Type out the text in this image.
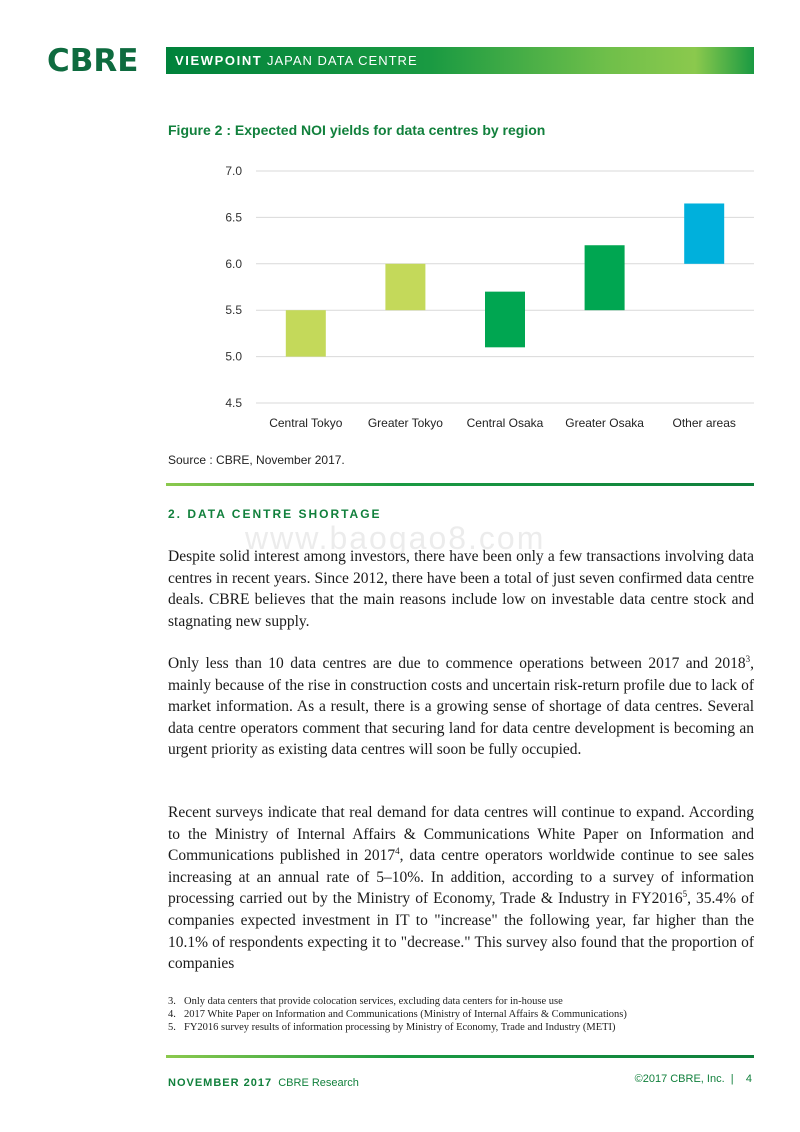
CBRE	VIEWPOINT JAPAN DATA CENTRE
Figure 2 : Expected NOI yields for data centres by region
7.0
6.5
6.0
5.5
5.0
4.5
Central Tokyo Greater Tokyo Central Osaka Greater Osaka Other areas
Source : CBRE, November 2017.
2. DATA CENTRE SHORTAGE
www.baogao8.com

Despite solid interest among investors, there have been only a few transactions involving data centres in recent years. Since 2012, there have been a total of just seven confirmed data centre deals. CBRE believes that the main reasons include low on investable data centre stock and stagnating new supply.

Only less than 10 data centres are due to commence operations between 2017 and 2018$^3$, mainly because of the rise in construction costs and uncertain risk-return profile due to lack of market information. As a result, there is a growing sense of shortage of data centres. Several data centre operators comment that securing land for data centre development is becoming an urgent priority as existing data centres will soon be fully occupied.

Recent surveys indicate that real demand for data centres will continue to expand. According to the Ministry of Internal Affairs & Communications White Paper on Information and Communications published in 2017$^4$, data centre operators worldwide continue to see sales increasing at an annual rate of 5–10%. In addition, according to a survey of information processing carried out by the Ministry of Economy, Trade & Industry in FY2016$^5$, 35.4% of companies expected investment in IT to "increase" the following year, far higher than the 10.1% of respondents expecting it to "decrease." This survey also found that the proportion of companies

3. Only data centers that provide colocation services, excluding data centers for in-house use
4. 2017 White Paper on Information and Communications (Ministry of Internal Affairs & Communications)
5. FY2016 survey results of information processing by Ministry of Economy, Trade and Industry (METI)
NOVEMBER 2017 CBRE Research	©2017 CBRE, Inc. | 4
